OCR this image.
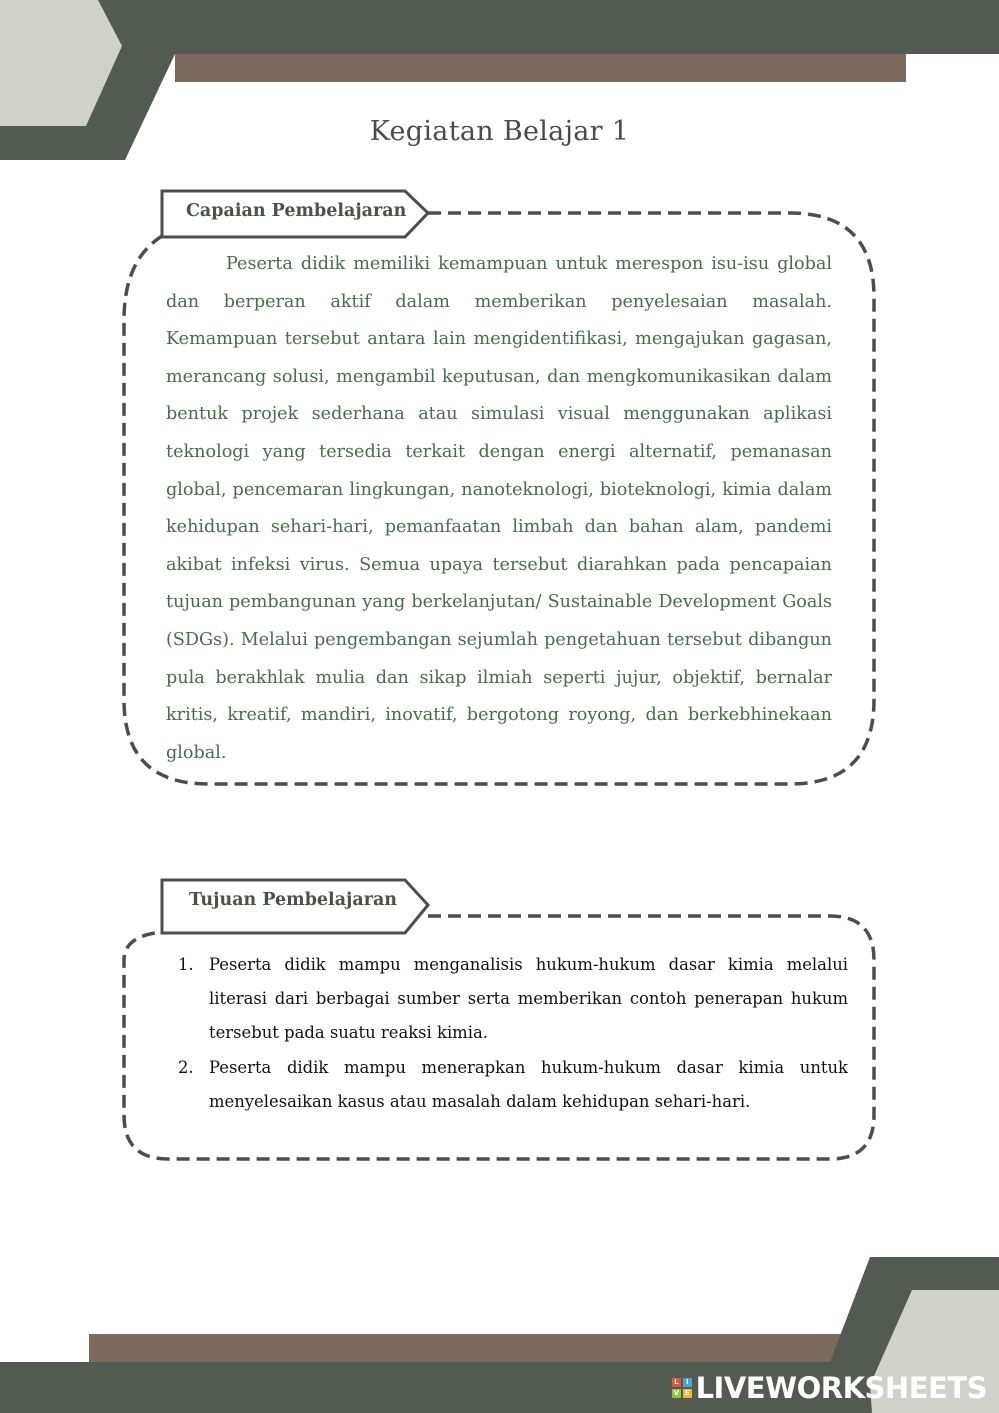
Kegiatan Belajar 1
Capaian Pembelajaran
Peserta didik memiliki kemampuan untuk merespon isu-isu global dan berperan aktif dalam memberikan penyelesaian masalah. Kemampuan tersebut antara lain mengidentifikasi, mengajukan gagasan, merancang solusi, mengambil keputusan, dan mengkomunikasikan dalam bentuk projek sederhana atau simulasi visual menggunakan aplikasi teknologi yang tersedia terkait dengan energi alternatif, pemanasan global, pencemaran lingkungan, nanoteknologi, bioteknologi, kimia dalam kehidupan sehari-hari, pemanfaatan limbah dan bahan alam, pandemi akibat infeksi virus. Semua upaya tersebut diarahkan pada pencapaian tujuan pembangunan yang berkelanjutan/ Sustainable Development Goals (SDGs). Melalui pengembangan sejumlah pengetahuan tersebut dibangun pula berakhlak mulia dan sikap ilmiah seperti jujur, objektif, bernalar kritis, kreatif, mandiri, inovatif, bergotong royong, dan berkebhinekaan global.
Tujuan Pembelajaran
1. Peserta didik mampu menganalisis hukum-hukum dasar kimia melalui literasi dari berbagai sumber serta memberikan contoh penerapan hukum tersebut pada suatu reaksi kimia.
2. Peserta didik mampu menerapkan hukum-hukum dasar kimia untuk menyelesaikan kasus atau masalah dalam kehidupan sehari-hari.
L	I
V E LIVEWORKSHEETS
